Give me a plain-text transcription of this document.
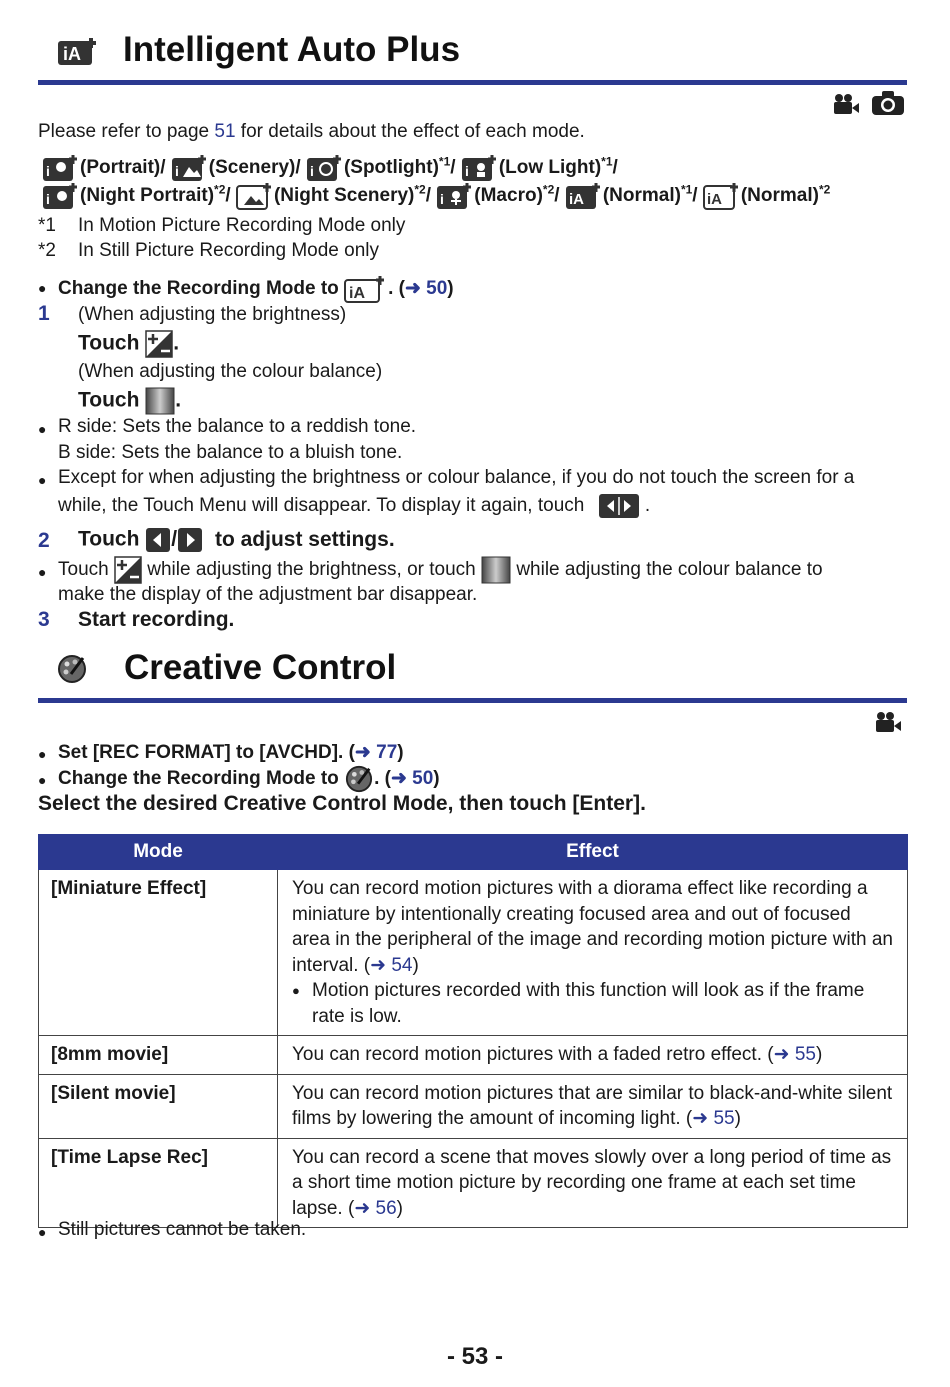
iA Intelligent Auto Plus

Please refer to page 51 for details about the effect of each mode.
i (Portrait)/ i (Scenery)/ i (Spotlight)$^{*1}$/ i (Low Light)$^{*1}$/
i (Night Portrait)$^{*2}$/ (Night Scenery)$^{*2}$/ i (Macro)$^{*2}$/ iA (Normal)$^{*1}$/ iA (Normal)$^{*2}$
*1 In Motion Picture Recording Mode only
*2 In Still Picture Recording Mode only
● Change the Recording Mode to iA . (➜ 50)
1 (When adjusting the brightness)
Touch .
(When adjusting the colour balance)
Touch .
● R side: Sets the balance to a reddish tone.
B side: Sets the balance to a bluish tone.
● Except for when adjusting the brightness or colour balance, if you do not touch the screen for a
while, the Touch Menu will disappear. To display it again, touch	.
2 Touch / to adjust settings.
● Touch while adjusting the brightness, or touch while adjusting the colour balance to
make the display of the adjustment bar disappear.
3 Start recording.
Creative Control
● Set [REC FORMAT] to [AVCHD]. (➜ 77)
● Change the Recording Mode to . (➜ 50)
Select the desired Creative Control Mode, then touch [Enter].
Mode	Effect
[Miniature Effect]	You can record motion pictures with a diorama effect like recording a miniature by intentionally creating focused area and out of focused area in the peripheral of the image and recording motion picture with an interval. (➜ 54)
● Motion pictures recorded with this function will look as if the frame rate is low.

[8mm movie]	You can record motion pictures with a faded retro effect. (➜ 55)
[Silent movie]	You can record motion pictures that are similar to black-and-white silent films by lowering the amount of incoming light. (➜ 55)
[Time Lapse Rec]	You can record a scene that moves slowly over a long period of time as a short time motion picture by recording one frame at each set time lapse. (➜ 56)
● Still pictures cannot be taken.
- 53 -
